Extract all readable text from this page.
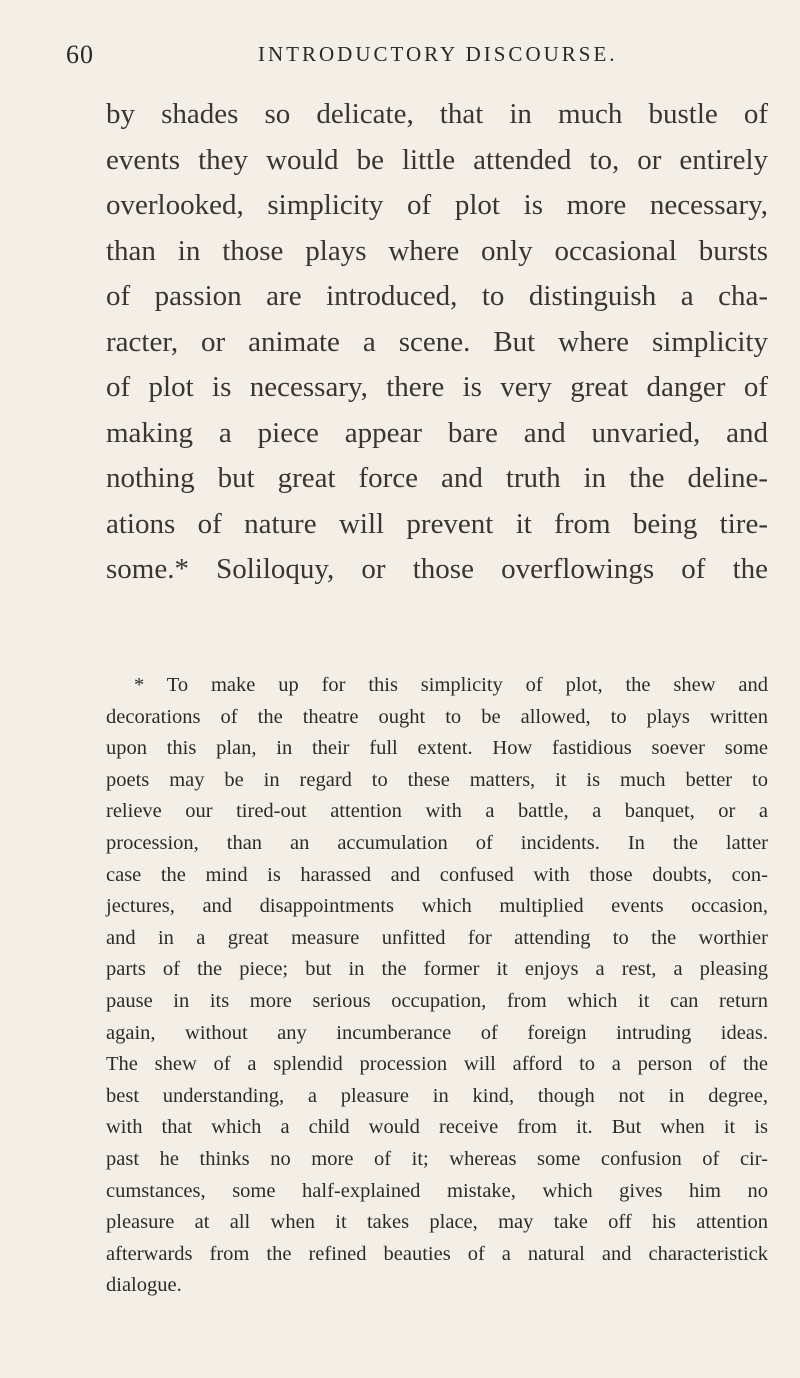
60	INTRODUCTORY DISCOURSE.
by shades so delicate, that in much bustle of
events they would be little attended to, or entirely
overlooked, simplicity of plot is more necessary,
than in those plays where only occasional bursts
of passion are introduced, to distinguish a cha-
racter, or animate a scene. But where simplicity
of plot is necessary, there is very great danger of
making a piece appear bare and unvaried, and
nothing but great force and truth in the deline-
ations of nature will prevent it from being tire-
some.* Soliloquy, or those overflowings of the
* To make up for this simplicity of plot, the shew and
decorations of the theatre ought to be allowed, to plays written
upon this plan, in their full extent. How fastidious soever some
poets may be in regard to these matters, it is much better to
relieve our tired-out attention with a battle, a banquet, or a
procession, than an accumulation of incidents. In the latter
case the mind is harassed and confused with those doubts, con-
jectures, and disappointments which multiplied events occasion,
and in a great measure unfitted for attending to the worthier
parts of the piece; but in the former it enjoys a rest, a pleasing
pause in its more serious occupation, from which it can return
again, without any incumberance of foreign intruding ideas.
The shew of a splendid procession will afford to a person of the
best understanding, a pleasure in kind, though not in degree,
with that which a child would receive from it. But when it is
past he thinks no more of it; whereas some confusion of cir-
cumstances, some half-explained mistake, which gives him no
pleasure at all when it takes place, may take off his attention
afterwards from the refined beauties of a natural and characteristick
dialogue.
